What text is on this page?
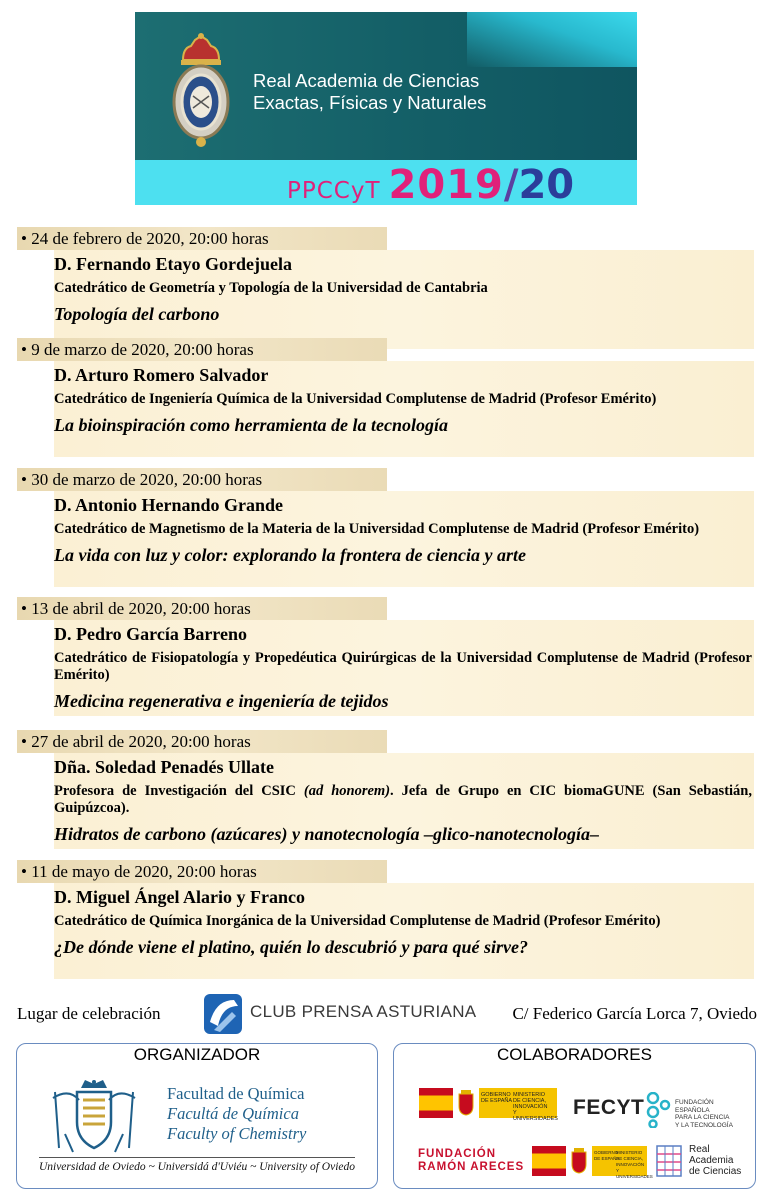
Real Academia de Ciencias
Exactas, Físicas y Naturales
PPCCyT 2019/20
• 24 de febrero de 2020, 20:00 horas

D. Fernando Etayo Gordejuela

Catedrático de Geometría y Topología de la Universidad de Cantabria

Topología del carbono

• 9 de marzo de 2020, 20:00 horas

D. Arturo Romero Salvador

Catedrático de Ingeniería Química de la Universidad Complutense de Madrid (Profesor Emérito)

La bioinspiración como herramienta de la tecnología

• 30 de marzo de 2020, 20:00 horas

D. Antonio Hernando Grande

Catedrático de Magnetismo de la Materia de la Universidad Complutense de Madrid (Profesor Emérito)

La vida con luz y color: explorando la frontera de ciencia y arte

• 13 de abril de 2020, 20:00 horas

D. Pedro García Barreno

Catedrático de Fisiopatología y Propedéutica Quirúrgicas de la Universidad Complutense de Madrid (Profesor Emérito)

Medicina regenerativa e ingeniería de tejidos

• 27 de abril de 2020, 20:00 horas

Dña. Soledad Penadés Ullate

Profesora de Investigación del CSIC (ad honorem). Jefa de Grupo en CIC biomaGUNE (San Sebastián, Guipúzcoa).

Hidratos de carbono (azúcares) y nanotecnología –glico-nanotecnología–

• 11 de mayo de 2020, 20:00 horas

D. Miguel Ángel Alario y Franco

Catedrático de Química Inorgánica de la Universidad Complutense de Madrid (Profesor Emérito)

¿De dónde viene el platino, quién lo descubrió y para qué sirve?

Lugar de celebración	CLUB PRENSA ASTURIANA C/ Federico García Lorca 7, Oviedo
ORGANIZADOR
Facultad de Química
Facultá de Química
Faculty of Chemistry
Universidad de Oviedo ~ Universidá d'Uviéu ~ University of Oviedo
COLABORADORES
GOBIERNO
DE ESPAÑA
MINISTERIO
DE CIENCIA, INNOVACIÓN
Y UNIVERSIDADES FECYT	FUNDACIÓN ESPAÑOLA
PARA LA CIENCIA
Y LA TECNOLOGÍA
FUNDACIÓN
RAMÓN ARECES
GOBIERNO
DE ESPAÑA
MINISTERIO
DE CIENCIA, INNOVACIÓN
Y UNIVERSIDADES
Real
Academia
de Ciencias
